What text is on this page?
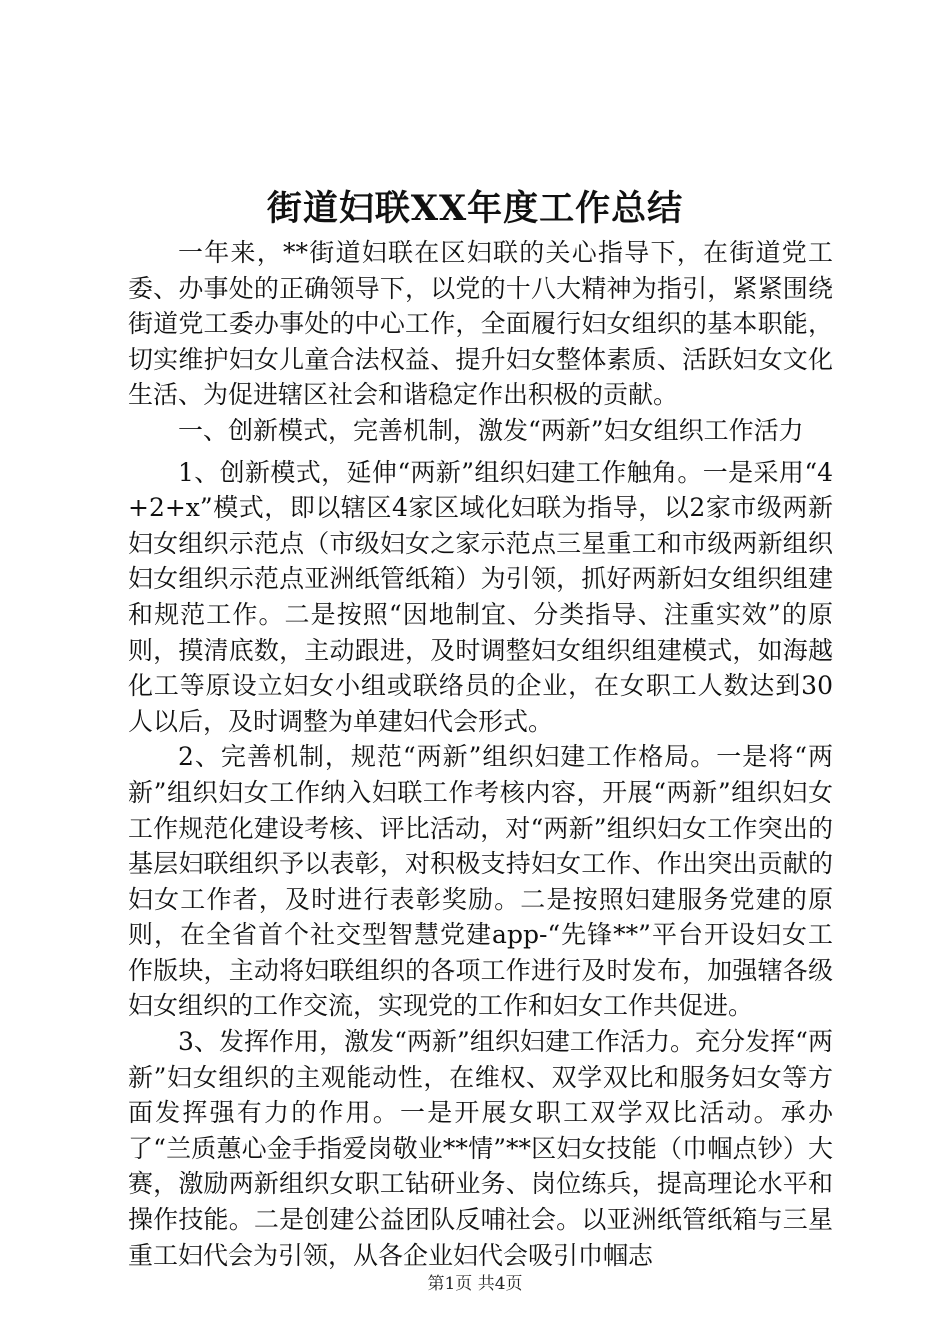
街道妇联XX年度工作总结

一年来，**街道妇联在区妇联的关心指导下，在街道党工委、办事处的正确领导下，以党的十八大精神为指引，紧紧围绕街道党工委办事处的中心工作，全面履行妇女组织的基本职能，切实维护妇女儿童合法权益、提升妇女整体素质、活跃妇女文化生活、为促进辖区社会和谐稳定作出积极的贡献。

一、创新模式，完善机制，激发“两新”妇女组织工作活力

1、创新模式，延伸“两新”组织妇建工作触角。一是采用“4+2+x”模式，即以辖区4家区域化妇联为指导，以2家市级两新妇女组织示范点（市级妇女之家示范点三星重工和市级两新组织妇女组织示范点亚洲纸管纸箱）为引领，抓好两新妇女组织组建和规范工作。二是按照“因地制宜、分类指导、注重实效”的原则，摸清底数，主动跟进，及时调整妇女组织组建模式，如海越化工等原设立妇女小组或联络员的企业，在女职工人数达到30人以后，及时调整为单建妇代会形式。

2、完善机制，规范“两新”组织妇建工作格局。一是将“两新”组织妇女工作纳入妇联工作考核内容，开展“两新”组织妇女工作规范化建设考核、评比活动，对“两新”组织妇女工作突出的基层妇联组织予以表彰，对积极支持妇女工作、作出突出贡献的妇女工作者，及时进行表彰奖励。二是按照妇建服务党建的原则，在全省首个社交型智慧党建app-“先锋**”平台开设妇女工作版块，主动将妇联组织的各项工作进行及时发布，加强辖各级妇女组织的工作交流，实现党的工作和妇女工作共促进。

3、发挥作用，激发“两新”组织妇建工作活力。充分发挥“两新”妇女组织的主观能动性，在维权、双学双比和服务妇女等方面发挥强有力的作用。一是开展女职工双学双比活动。承办了“兰质蕙心金手指爱岗敬业**情”**区妇女技能（巾帼点钞）大赛，激励两新组织女职工钻研业务、岗位练兵，提高理论水平和操作技能。二是创建公益团队反哺社会。以亚洲纸管纸箱与三星重工妇代会为引领，从各企业妇代会吸引巾帼志

第1页 共4页
